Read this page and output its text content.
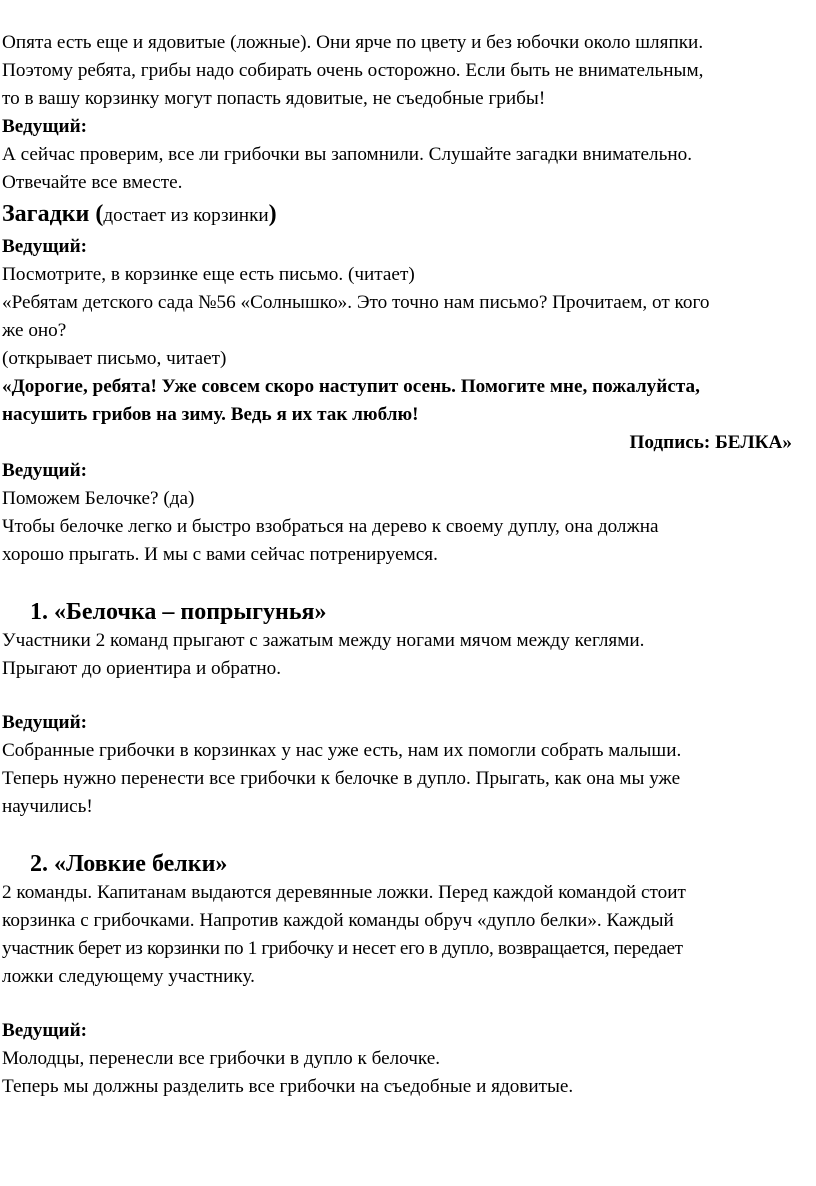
Опята есть еще и ядовитые (ложные). Они ярче по цвету и без юбочки около шляпки.

Поэтому ребята, грибы надо собирать очень осторожно. Если быть не внимательным,

то в вашу корзинку могут попасть ядовитые, не съедобные грибы!

Ведущий:

А сейчас проверим, все ли грибочки вы запомнили. Слушайте загадки внимательно.

Отвечайте все вместе.

Загадки (достает из корзинки)

Ведущий:

Посмотрите, в корзинке еще есть письмо. (читает)

«Ребятам детского сада №56 «Солнышко». Это точно нам письмо? Прочитаем, от кого

же оно?

(открывает письмо, читает)

«Дорогие, ребята! Уже совсем скоро наступит осень. Помогите мне, пожалуйста,

насушить грибов на зиму. Ведь я их так люблю!

Подпись: БЕЛКА»

Ведущий:

Поможем Белочке? (да)

Чтобы белочке легко и быстро взобраться на дерево к своему дуплу, она должна

хорошо прыгать. И мы с вами сейчас потренируемся.

1. «Белочка – попрыгунья»

Участники 2 команд прыгают с зажатым между ногами мячом между кеглями.

Прыгают до ориентира и обратно.

Ведущий:

Собранные грибочки в корзинках у нас уже есть, нам их помогли собрать малыши.

Теперь нужно перенести все грибочки к белочке в дупло. Прыгать, как она мы уже

научились!

2. «Ловкие белки»

2 команды. Капитанам выдаются деревянные ложки. Перед каждой командой стоит

корзинка с грибочками. Напротив каждой команды обруч «дупло белки». Каждый

участник берет из корзинки по 1 грибочку и несет его в дупло, возвращается, передает

ложки следующему участнику.

Ведущий:

Молодцы, перенесли все грибочки в дупло к белочке.

Теперь мы должны разделить все грибочки на съедобные и ядовитые.
